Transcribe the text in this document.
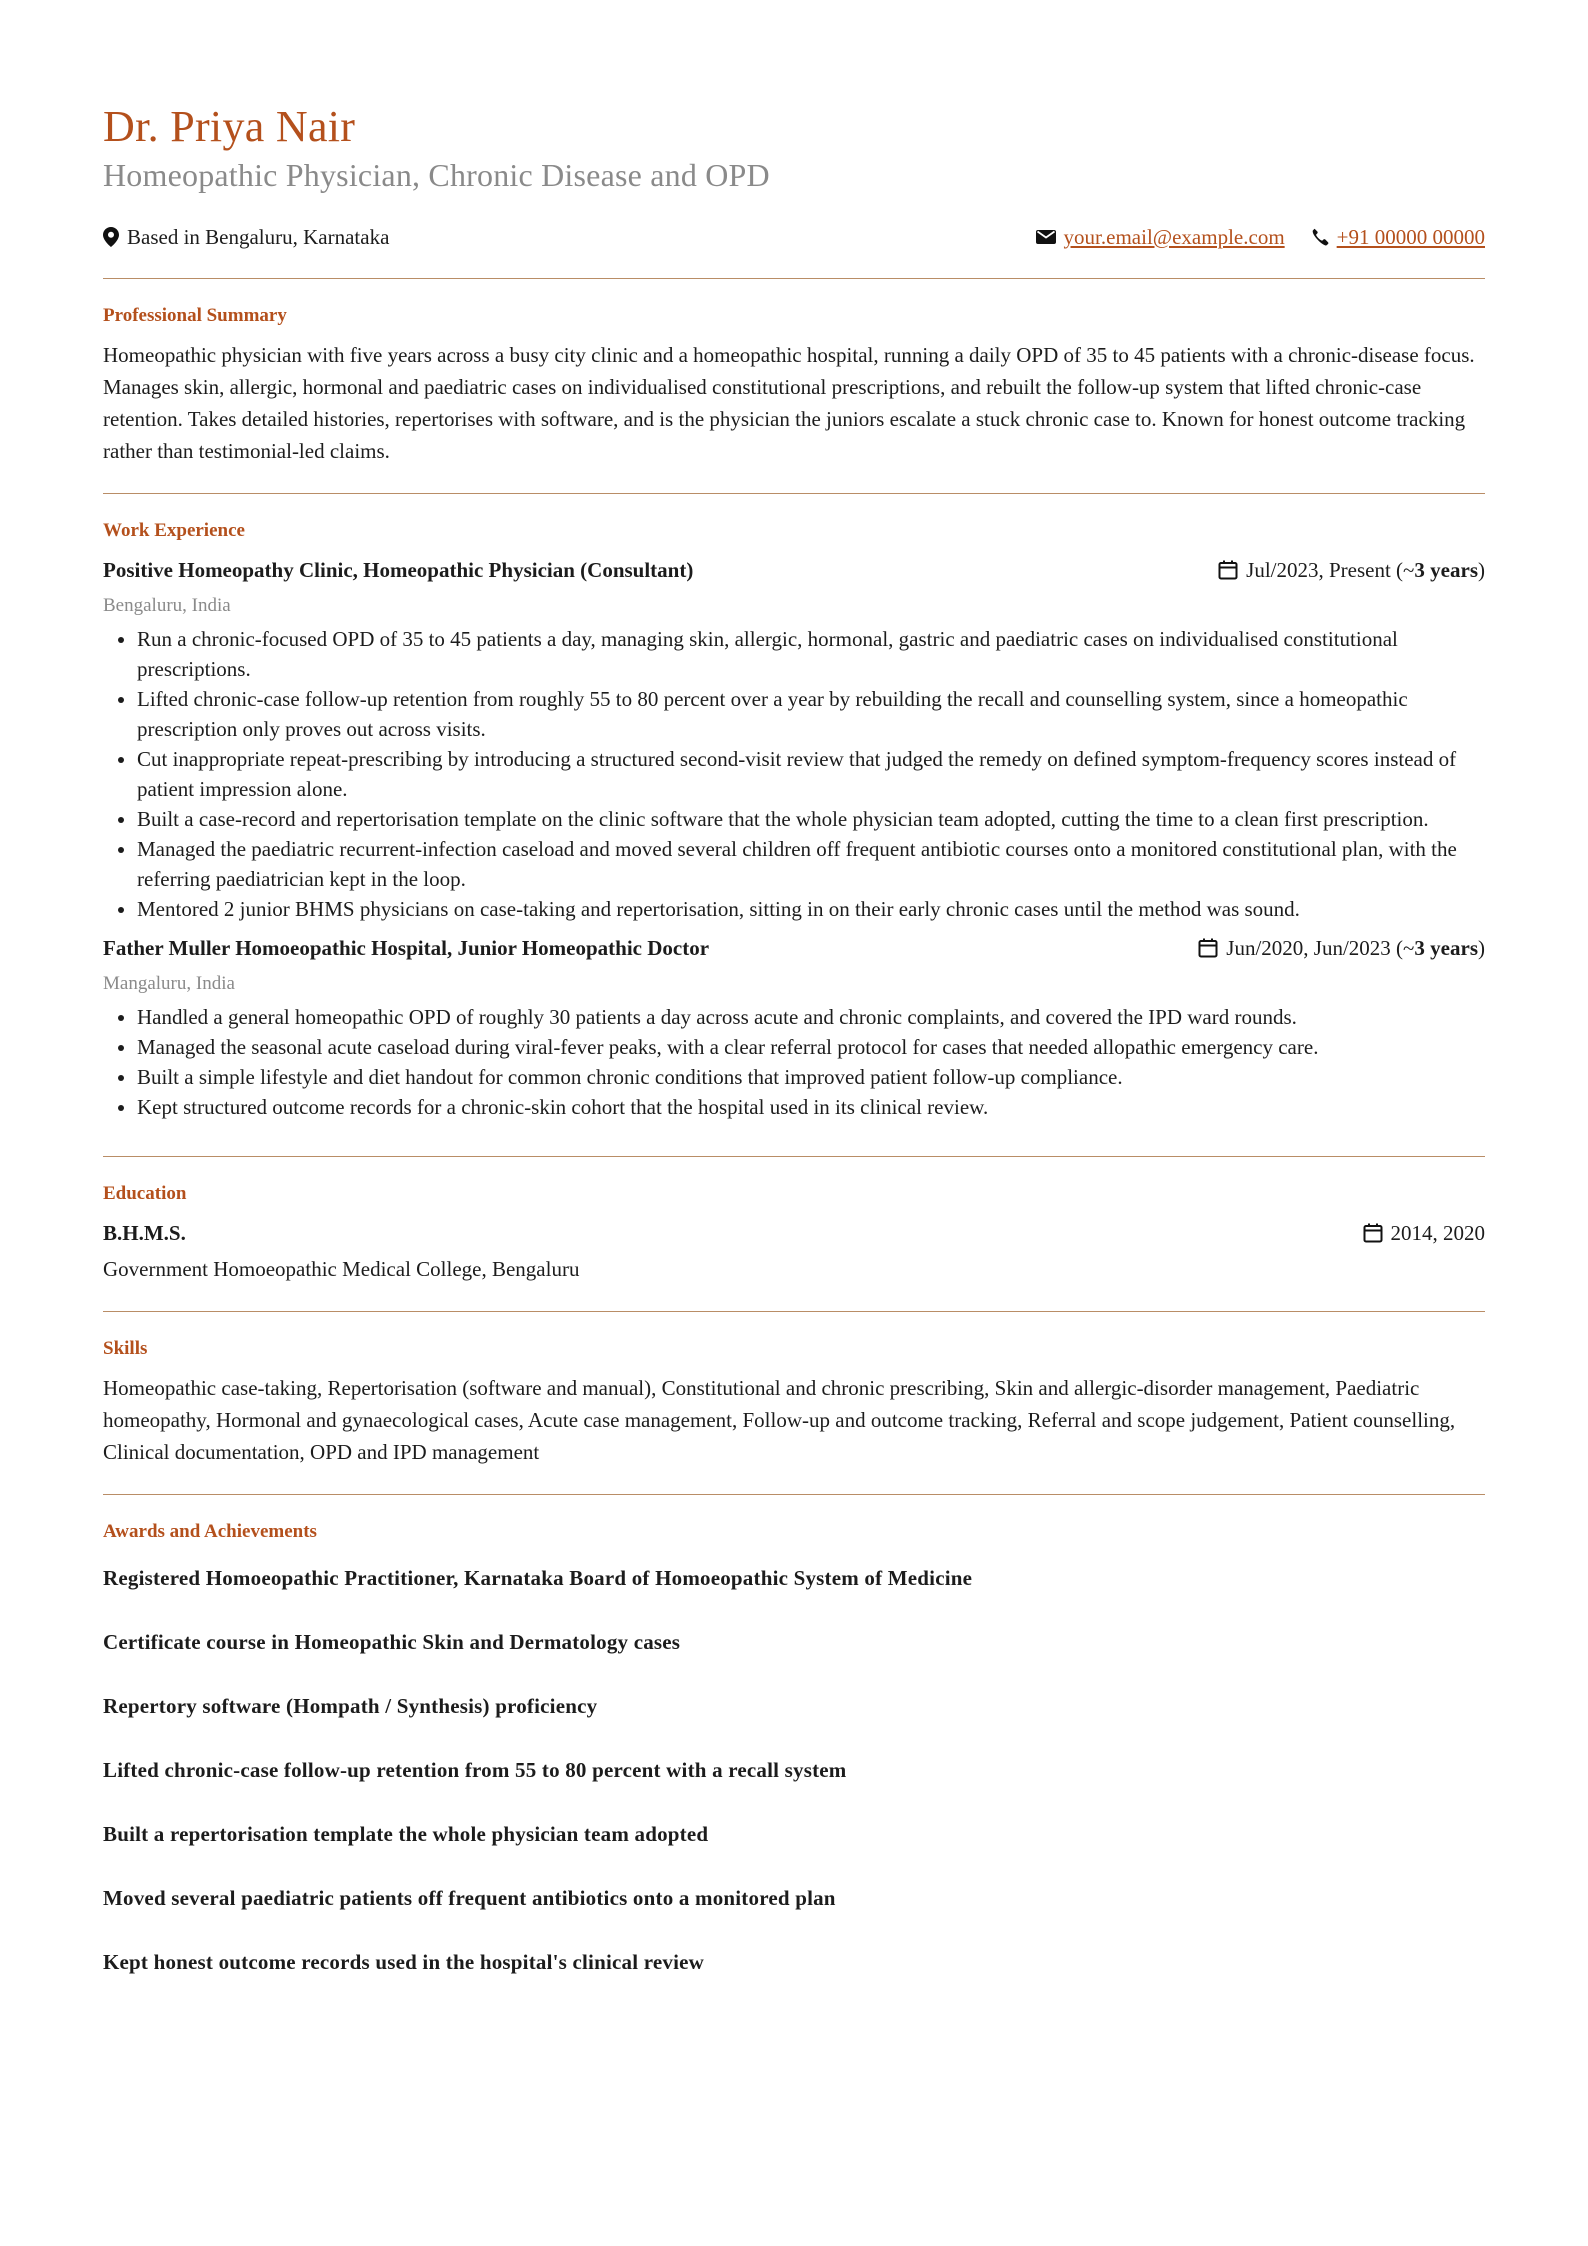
Dr. Priya Nair
Homeopathic Physician, Chronic Disease and OPD
Based in Bengaluru, Karnataka	your.email@example.com +91 00000 00000
Professional Summary

Homeopathic physician with five years across a busy city clinic and a homeopathic hospital, running a daily OPD of 35 to 45 patients with a chronic-disease focus. Manages skin, allergic, hormonal and paediatric cases on individualised constitutional prescriptions, and rebuilt the follow-up system that lifted chronic-case retention. Takes detailed histories, repertorises with software, and is the physician the juniors escalate a stuck chronic case to. Known for honest outcome tracking rather than testimonial-led claims.

Work Experience
Positive Homeopathy Clinic, Homeopathic Physician (Consultant)	Jul/2023, Present (~ 3 years )
Bengaluru, India
• Run a chronic-focused OPD of 35 to 45 patients a day, managing skin, allergic, hormonal, gastric and paediatric cases on individualised constitutional prescriptions.
• Lifted chronic-case follow-up retention from roughly 55 to 80 percent over a year by rebuilding the recall and counselling system, since a homeopathic prescription only proves out across visits.
• Cut inappropriate repeat-prescribing by introducing a structured second-visit review that judged the remedy on defined symptom-frequency scores instead of patient impression alone.
• Built a case-record and repertorisation template on the clinic software that the whole physician team adopted, cutting the time to a clean first prescription.
• Managed the paediatric recurrent-infection caseload and moved several children off frequent antibiotic courses onto a monitored constitutional plan, with the referring paediatrician kept in the loop.
• Mentored 2 junior BHMS physicians on case-taking and repertorisation, sitting in on their early chronic cases until the method was sound.
Father Muller Homoeopathic Hospital, Junior Homeopathic Doctor	Jun/2020, Jun/2023 (~ 3 years )
Mangaluru, India
• Handled a general homeopathic OPD of roughly 30 patients a day across acute and chronic complaints, and covered the IPD ward rounds.
• Managed the seasonal acute caseload during viral-fever peaks, with a clear referral protocol for cases that needed allopathic emergency care.
• Built a simple lifestyle and diet handout for common chronic conditions that improved patient follow-up compliance.
• Kept structured outcome records for a chronic-skin cohort that the hospital used in its clinical review.
Education
B.H.M.S.	2014, 2020
Government Homoeopathic Medical College, Bengaluru
Skills

Homeopathic case-taking, Repertorisation (software and manual), Constitutional and chronic prescribing, Skin and allergic-disorder management, Paediatric homeopathy, Hormonal and gynaecological cases, Acute case management, Follow-up and outcome tracking, Referral and scope judgement, Patient counselling, Clinical documentation, OPD and IPD management

Awards and Achievements

Registered Homoeopathic Practitioner, Karnataka Board of Homoeopathic System of Medicine

Certificate course in Homeopathic Skin and Dermatology cases

Repertory software (Hompath / Synthesis) proficiency

Lifted chronic-case follow-up retention from 55 to 80 percent with a recall system

Built a repertorisation template the whole physician team adopted

Moved several paediatric patients off frequent antibiotics onto a monitored plan

Kept honest outcome records used in the hospital's clinical review
